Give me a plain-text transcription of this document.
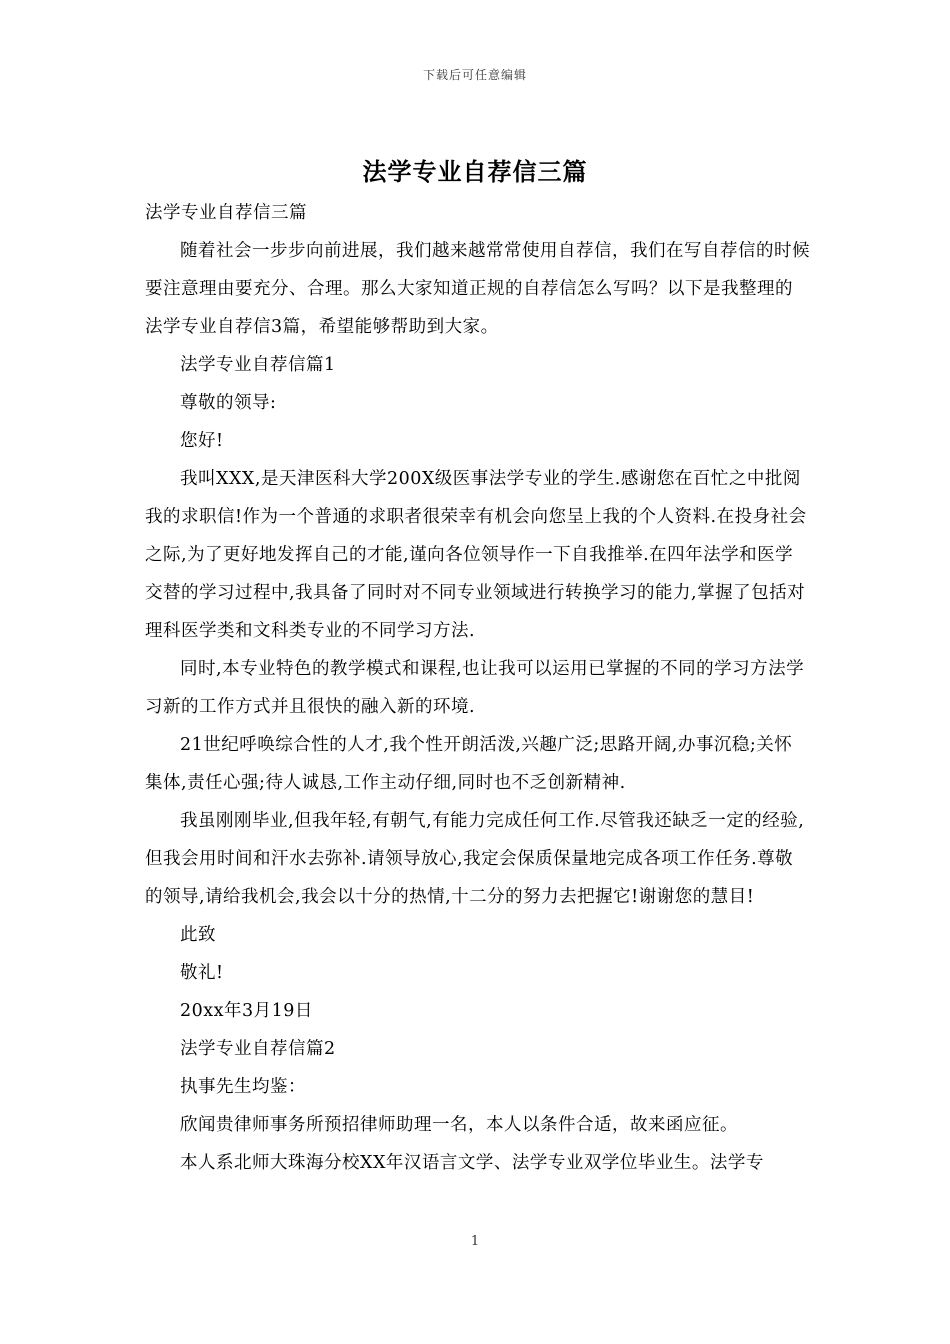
下载后可任意编辑
法学专业自荐信三篇

法学专业自荐信三篇

随着社会一步步向前进展，我们越来越常常使用自荐信，我们在写自荐信的时候要注意理由要充分、合理。那么大家知道正规的自荐信怎么写吗？以下是我整理的法学专业自荐信3篇，希望能够帮助到大家。

法学专业自荐信篇1

尊敬的领导:

您好!

我叫XXX,是天津医科大学200X级医事法学专业的学生.感谢您在百忙之中批阅我的求职信!作为一个普通的求职者很荣幸有机会向您呈上我的个人资料.在投身社会之际,为了更好地发挥自己的才能,谨向各位领导作一下自我推举.在四年法学和医学交替的学习过程中,我具备了同时对不同专业领域进行转换学习的能力,掌握了包括对理科医学类和文科类专业的不同学习方法.

同时,本专业特色的教学模式和课程,也让我可以运用已掌握的不同的学习方法学习新的工作方式并且很快的融入新的环境.

21世纪呼唤综合性的人才,我个性开朗活泼,兴趣广泛;思路开阔,办事沉稳;关怀集体,责任心强;待人诚恳,工作主动仔细,同时也不乏创新精神.

我虽刚刚毕业,但我年轻,有朝气,有能力完成任何工作.尽管我还缺乏一定的经验,但我会用时间和汗水去弥补.请领导放心,我定会保质保量地完成各项工作任务.尊敬的领导,请给我机会,我会以十分的热情,十二分的努力去把握它!谢谢您的慧目!

此致

敬礼!

20xx年3月19日

法学专业自荐信篇2

执事先生均鉴：

欣闻贵律师事务所预招律师助理一名，本人以条件合适，故来函应征。

本人系北师大珠海分校XX年汉语言文学、法学专业双学位毕业生。法学专

1
